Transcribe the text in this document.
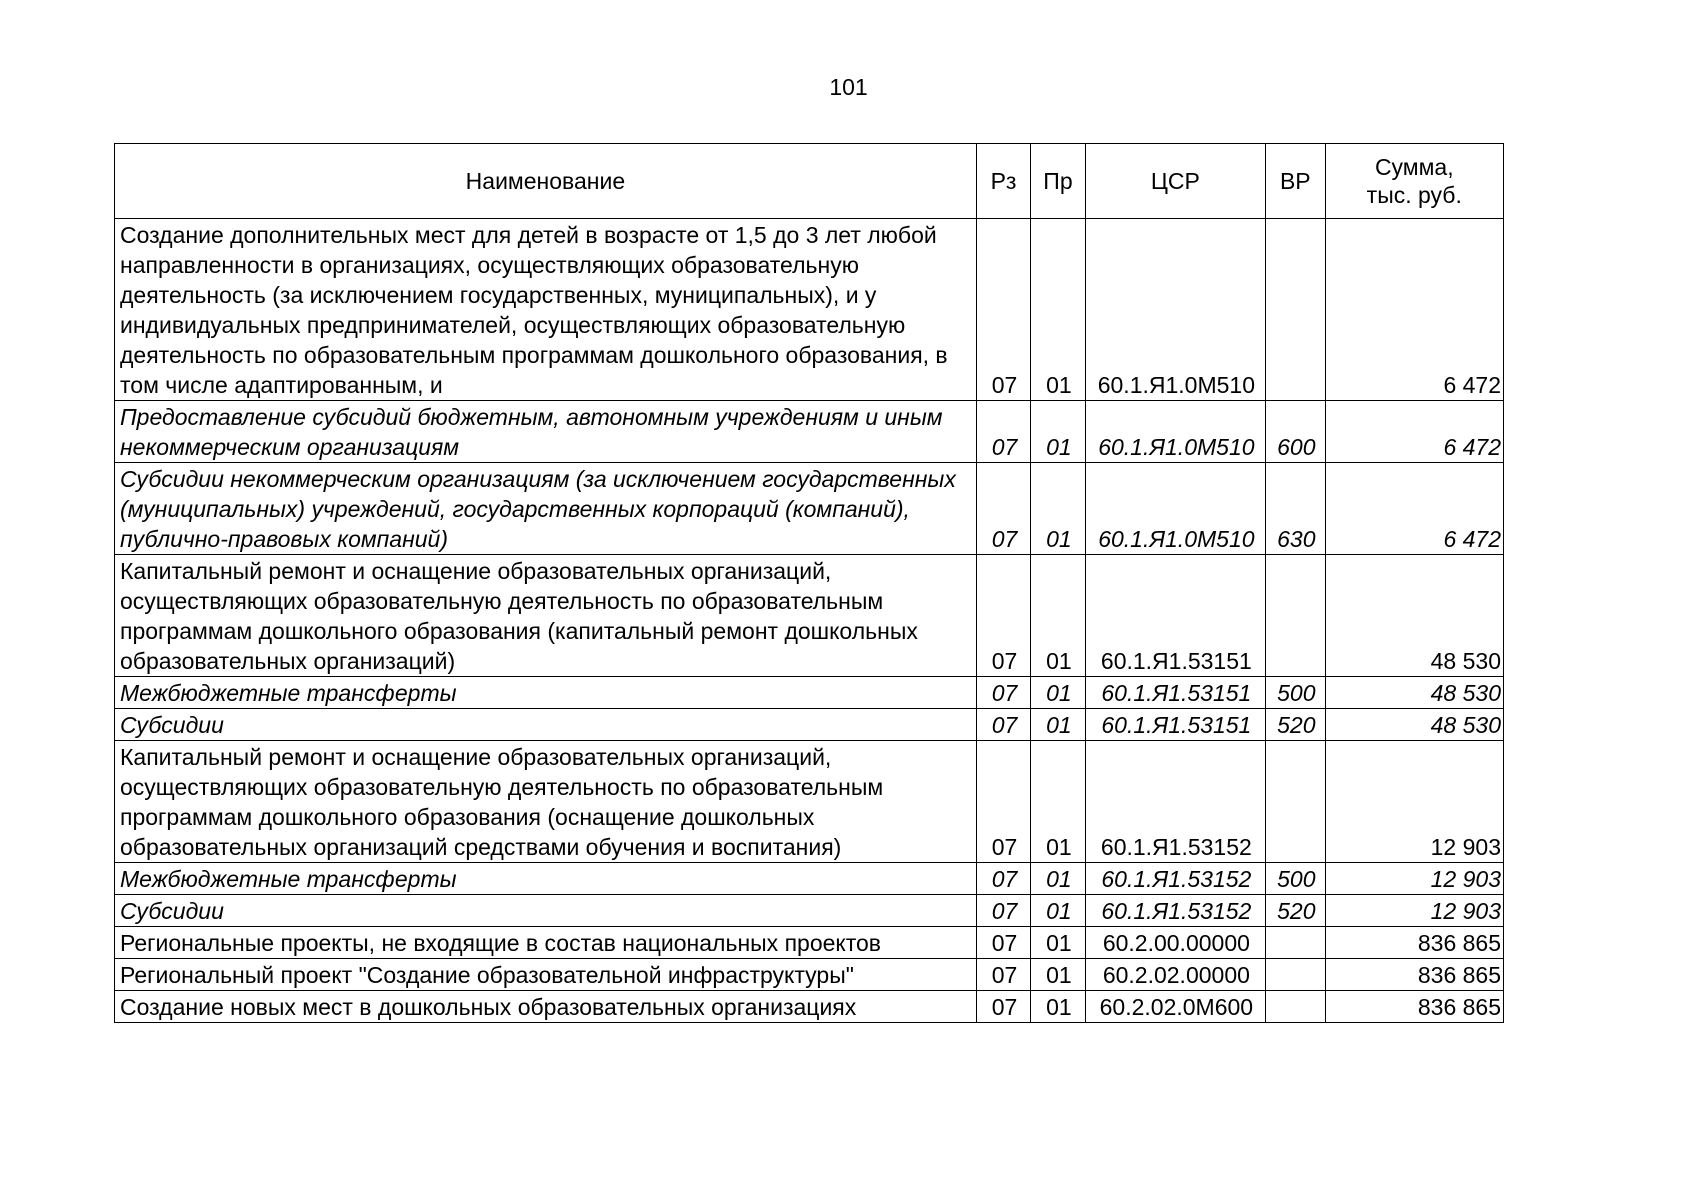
101
Наименование	Рз	Пр	ЦСР	ВР	Сумма,
тыс. руб.

Создание дополнительных мест для детей в возрасте от 1,5 до 3 лет любой направленности в организациях, осуществляющих образовательную деятельность (за исключением государственных, муниципальных), и у индивидуальных предпринимателей, осуществляющих образовательную деятельность по образовательным программам дошкольного образования, в том числе адаптированным, и	07	01	60.1.Я1.0М510		6 472
Предоставление субсидий бюджетным, автономным учреждениям и иным некоммерческим организациям	07	01	60.1.Я1.0М510	600	6 472
Субсидии некоммерческим организациям (за исключением государственных (муниципальных) учреждений, государственных корпораций (компаний), публично-правовых компаний)	07	01	60.1.Я1.0М510	630	6 472
Капитальный ремонт и оснащение образовательных организаций, осуществляющих образовательную деятельность по образовательным программам дошкольного образования (капитальный ремонт дошкольных образовательных организаций)	07	01	60.1.Я1.53151		48 530
Межбюджетные трансферты	07	01	60.1.Я1.53151	500	48 530
Субсидии	07	01	60.1.Я1.53151	520	48 530
Капитальный ремонт и оснащение образовательных организаций, осуществляющих образовательную деятельность по образовательным программам дошкольного образования (оснащение дошкольных образовательных организаций средствами обучения и воспитания)	07	01	60.1.Я1.53152		12 903
Межбюджетные трансферты	07	01	60.1.Я1.53152	500	12 903
Субсидии	07	01	60.1.Я1.53152	520	12 903
Региональные проекты, не входящие в состав национальных проектов	07	01	60.2.00.00000		836 865
Региональный проект "Создание образовательной инфраструктуры"	07	01	60.2.02.00000		836 865
Создание новых мест в дошкольных образовательных организациях	07	01	60.2.02.0М600		836 865
